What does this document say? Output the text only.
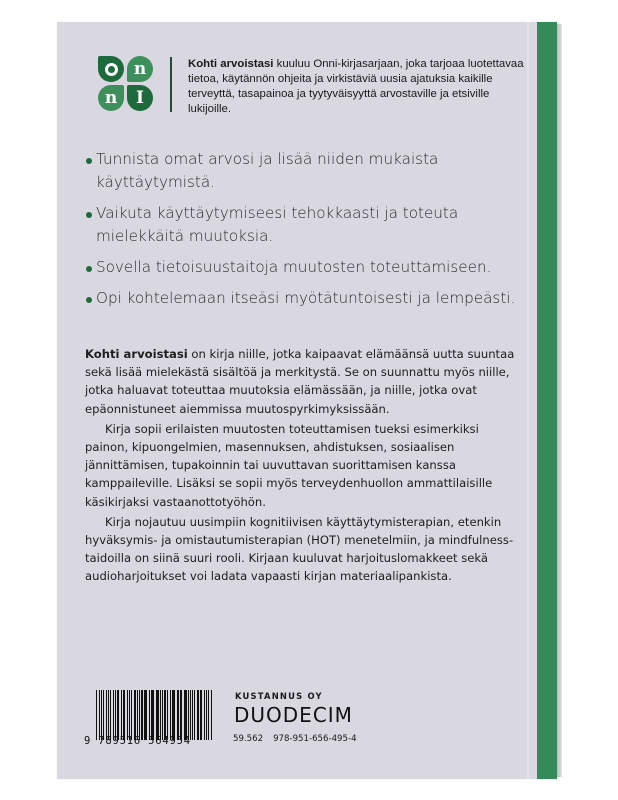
n
n I
Kohti arvoistasi kuuluu Onni-kirjasarjaan, joka tarjoaa luotettavaa tietoa, käytännön ohjeita ja virkistäviä uusia ajatuksia kaikille terveyttä, tasapainoa ja tyytyväisyyttä arvostaville ja etsiville lukijoille.
Tunnista omat arvosi ja lisää niiden mukaista käyttäytymistä.
Vaikuta käyttäytymiseesi tehokkaasti ja toteuta mielekkäitä muutoksia.
Sovella tietoisuustaitoja muutosten toteuttamiseen.
Opi kohtelemaan itseäsi myötätuntoisesti ja lempeästi.

Kohti arvoistasi on kirja niille, jotka kaipaavat elämäänsä uutta suuntaa sekä lisää mielekästä sisältöä ja merkitystä. Se on suunnattu myös niille, jotka haluavat toteuttaa muutoksia elämässään, ja niille, jotka ovat epäonnistuneet aiemmissa muutospyrkimyksissään.

Kirja sopii erilaisten muutosten toteuttamisen tueksi esimerkiksi painon, kipuongelmien, masennuksen, ahdistuksen, sosiaalisen jännittämisen, tupakoinnin tai uuvuttavan suorittamisen kanssa kamppaileville. Lisäksi se sopii myös terveydenhuollon ammattilaisille käsikirjaksi vastaanottotyöhön.

Kirja nojautuu uusimpiin kognitiivisen käyttäytymisterapian, etenkin hyväksymis- ja omistautumisterapian (HOT) menetelmiin, ja mindfulness-taidoilla on siinä suuri rooli. Kirjaan kuuluvat harjoituslomakkeet sekä audioharjoitukset voi ladata vapaasti kirjan materiaalipankista.

9 789516 564954
KUSTANNUS OY
DUODECIM
59.562 978-951-656-495-4
